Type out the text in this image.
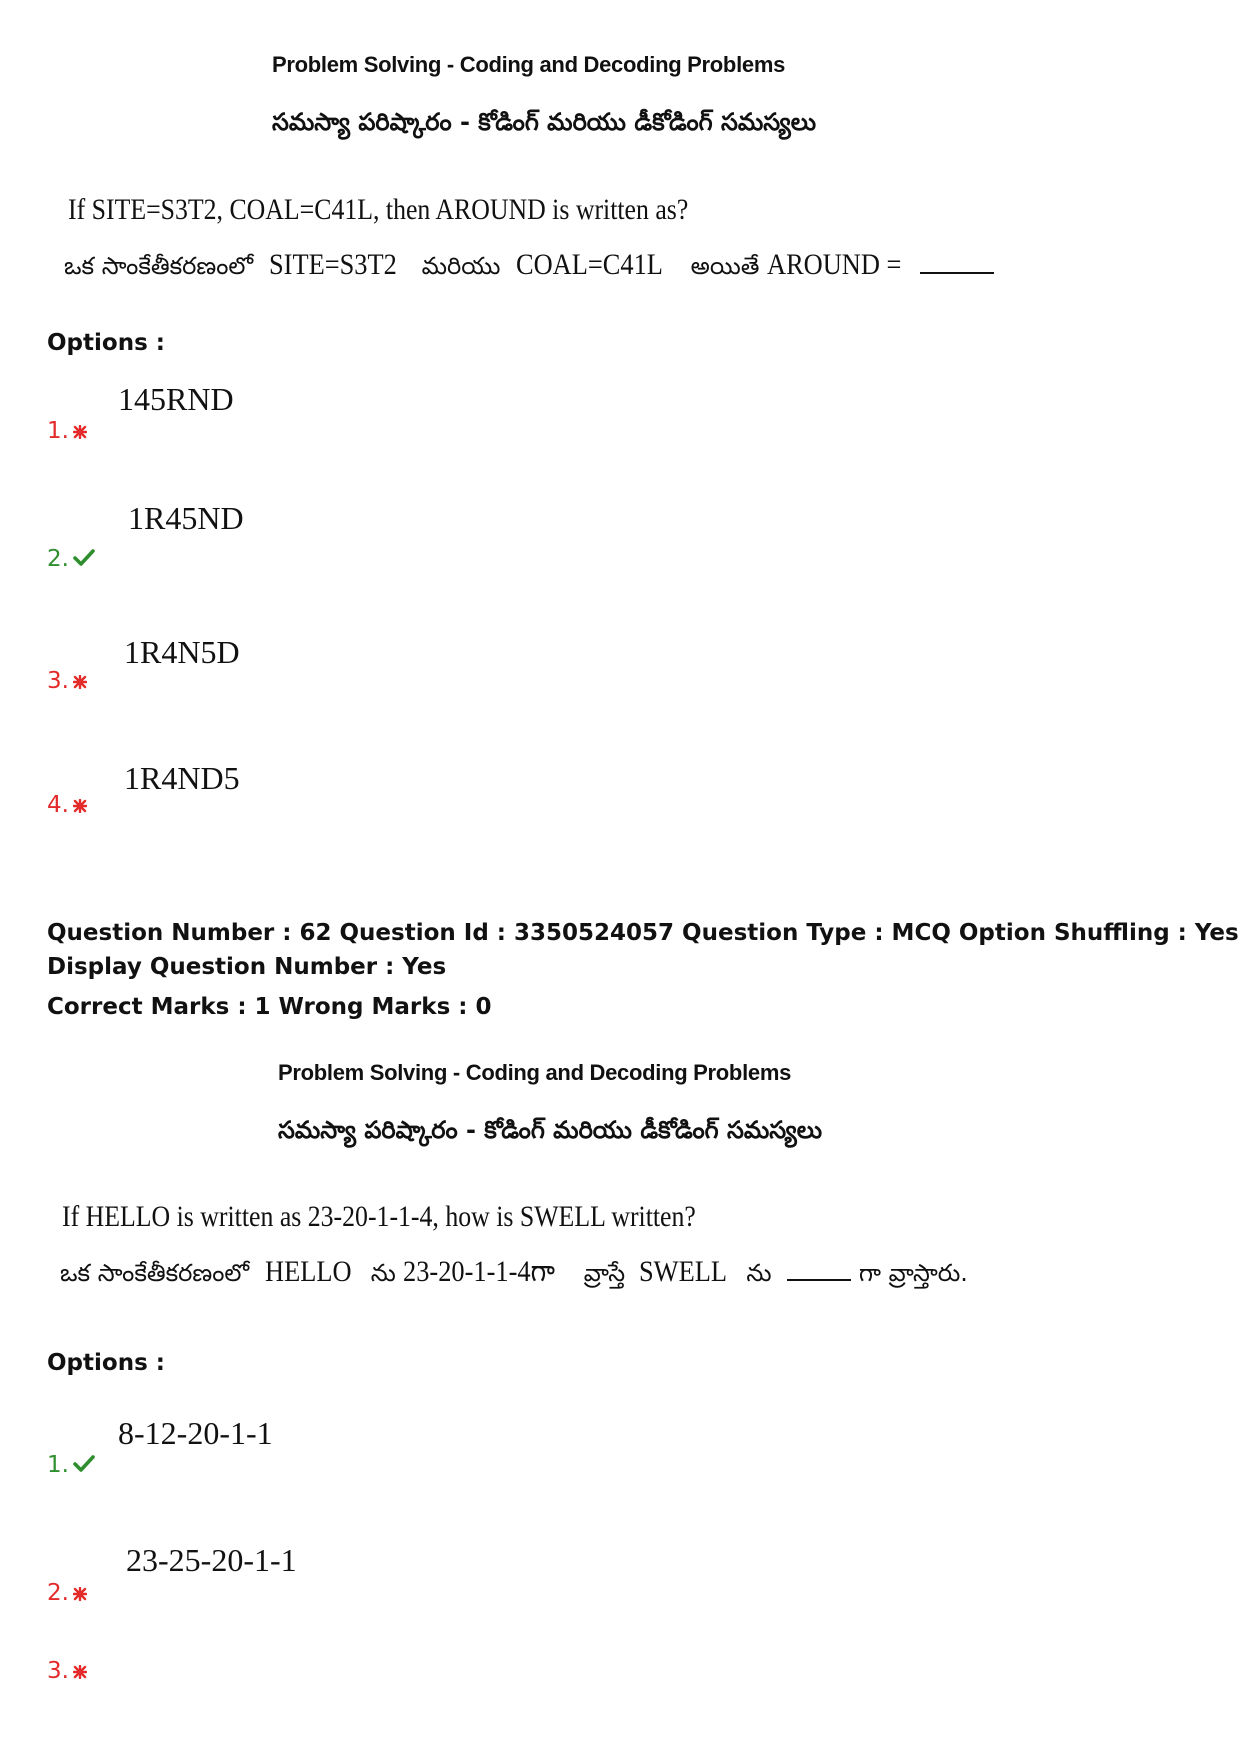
Problem Solving - Coding and Decoding Problems
సమస్యా పరిష్కారం - కోడింగ్ మరియు డీకోడింగ్ సమస్యలు
If SITE=S3T2, COAL=C41L, then AROUND is written as?
ఒక సాంకేతీకరణంలో SITE=S3T2 మరియు COAL=C41L అయితే AROUND =
Options :
145RND
1.
1R45ND
2.
1R4N5D
3.
1R4ND5
4.
Question Number : 62 Question Id : 3350524057 Question Type : MCQ Option Shuffling : Yes
Display Question Number : Yes
Correct Marks : 1 Wrong Marks : 0
Problem Solving - Coding and Decoding Problems
సమస్యా పరిష్కారం - కోడింగ్ మరియు డీకోడింగ్ సమస్యలు
If HELLO is written as 23-20-1-1-4, how is SWELL written?
ఒక సాంకేతీకరణంలో HELLO ను 23-20-1-1-4గా వ్రాస్తే SWELL ను	గా వ్రాస్తారు.
Options :
8-12-20-1-1
1.
23-25-20-1-1
2.
3.
